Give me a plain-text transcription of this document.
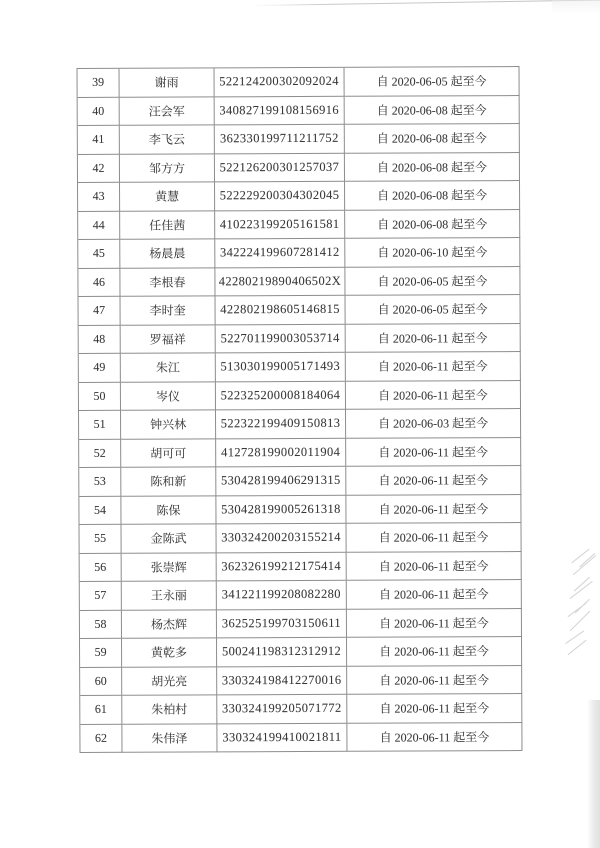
39	谢雨	522124200302092024	自 2020-06-05 起至今
40	汪会军	340827199108156916	自 2020-06-08 起至今
41	李飞云	362330199711211752	自 2020-06-08 起至今
42	邹方方	522126200301257037	自 2020-06-08 起至今
43	黄慧	522229200304302045	自 2020-06-08 起至今
44	任佳茜	410223199205161581	自 2020-06-08 起至今
45	杨晨晨	342224199607281412	自 2020-06-10 起至今
46	李根春	42280219890406502X	自 2020-06-05 起至今
47	李时奎	422802198605146815	自 2020-06-05 起至今
48	罗福祥	522701199003053714	自 2020-06-11 起至今
49	朱江	513030199005171493	自 2020-06-11 起至今
50	岑仪	522325200008184064	自 2020-06-11 起至今
51	钟兴林	522322199409150813	自 2020-06-03 起至今
52	胡可可	412728199002011904	自 2020-06-11 起至今
53	陈和新	530428199406291315	自 2020-06-11 起至今
54	陈保	530428199005261318	自 2020-06-11 起至今
55	金陈武	330324200203155214	自 2020-06-11 起至今
56	张崇辉	362326199212175414	自 2020-06-11 起至今
57	王永丽	341221199208082280	自 2020-06-11 起至今
58	杨杰辉	362525199703150611	自 2020-06-11 起至今
59	黄乾多	500241198312312912	自 2020-06-11 起至今
60	胡光亮	330324198412270016	自 2020-06-11 起至今
61	朱柏村	330324199205071772	自 2020-06-11 起至今
62	朱伟泽	330324199410021811	自 2020-06-11 起至今
